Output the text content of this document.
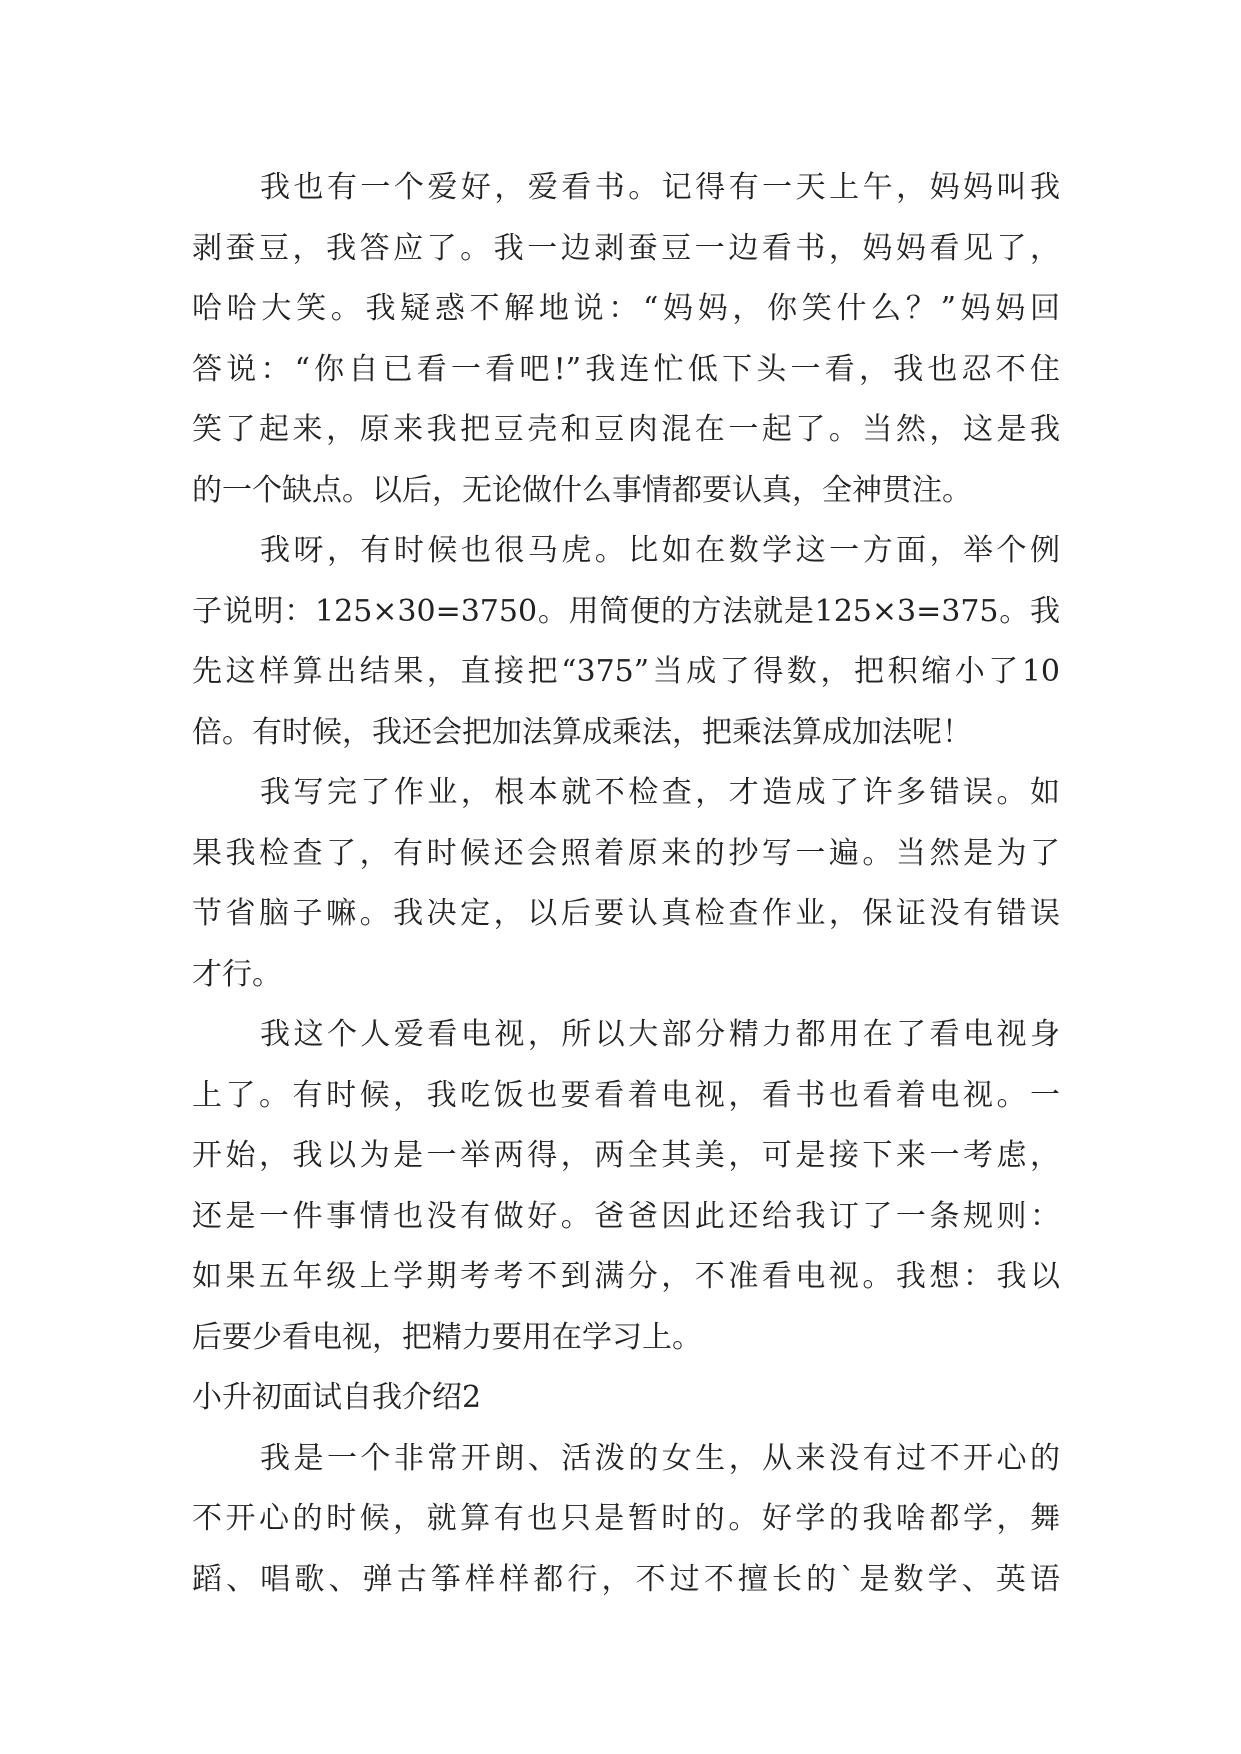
我也有一个爱好，爱看书。记得有一天上午，妈妈叫我
剥蚕豆，我答应了。我一边剥蚕豆一边看书，妈妈看见了，
哈哈大笑。我疑惑不解地说：“妈妈，你笑什么？”妈妈回
答说：“你自已看一看吧!”我连忙低下头一看，我也忍不住
笑了起来，原来我把豆壳和豆肉混在一起了。当然，这是我
的一个缺点。以后，无论做什么事情都要认真，全神贯注。
我呀，有时候也很马虎。比如在数学这一方面，举个例
子说明：125×30=3750。用简便的方法就是125×3=375。我
先这样算出结果，直接把“375”当成了得数，把积缩小了10
倍。有时候，我还会把加法算成乘法，把乘法算成加法呢！
我写完了作业，根本就不检查，才造成了许多错误。如
果我检查了，有时候还会照着原来的抄写一遍。当然是为了
节省脑子嘛。我决定，以后要认真检查作业，保证没有错误
才行。
我这个人爱看电视，所以大部分精力都用在了看电视身
上了。有时候，我吃饭也要看着电视，看书也看着电视。一
开始，我以为是一举两得，两全其美，可是接下来一考虑，
还是一件事情也没有做好。爸爸因此还给我订了一条规则：
如果五年级上学期考考不到满分，不准看电视。我想：我以
后要少看电视，把精力要用在学习上。
小升初面试自我介绍2
我是一个非常开朗、活泼的女生，从来没有过不开心的
不开心的时候，就算有也只是暂时的。好学的我啥都学，舞
蹈、唱歌、弹古筝样样都行，不过不擅长的`是数学、英语
